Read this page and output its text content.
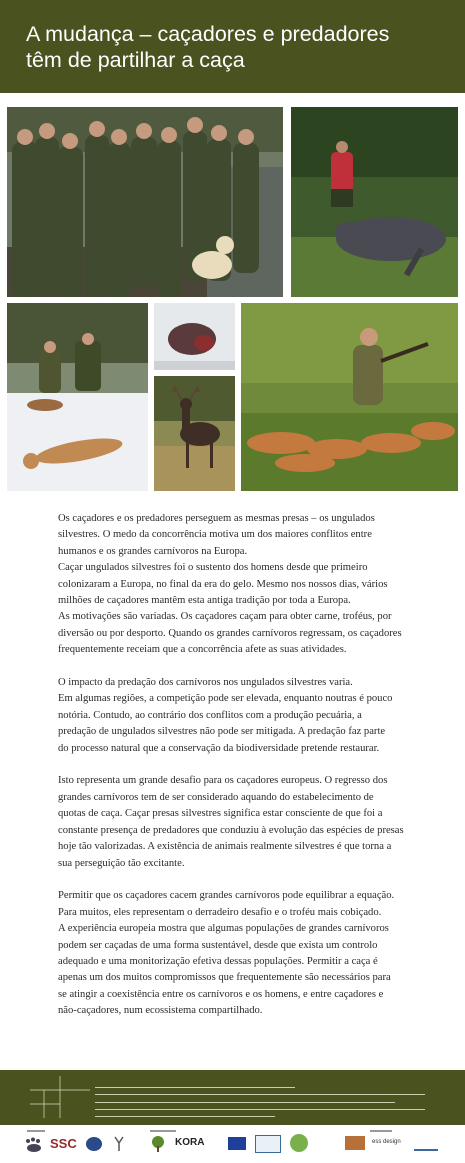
A mudança – caçadores e predadores
têm de partilhar a caça

Os caçadores e os predadores perseguem as mesmas presas – os ungulados
silvestres. O medo da concorrência motiva um dos maiores conflitos entre
humanos e os grandes carnívoros na Europa.
Caçar ungulados silvestres foi o sustento dos homens desde que primeiro
colonizaram a Europa, no final da era do gelo. Mesmo nos nossos dias, vários
milhões de caçadores mantêm esta antiga tradição por toda a Europa.
As motivações são variadas. Os caçadores caçam para obter carne, troféus, por
diversão ou por desporto. Quando os grandes carnívoros regressam, os caçadores
frequentemente receiam que a concorrência afete as suas atividades.

O impacto da predação dos carnívoros nos ungulados silvestres varia.
Em algumas regiões, a competição pode ser elevada, enquanto noutras é pouco
notória. Contudo, ao contrário dos conflitos com a produção pecuária, a
predação de ungulados silvestres não pode ser mitigada. A predação faz parte
do processo natural que a conservação da biodiversidade pretende restaurar.

Isto representa um grande desafio para os caçadores europeus. O regresso dos
grandes carnívoros tem de ser considerado aquando do estabelecimento de
quotas de caça. Caçar presas silvestres significa estar consciente de que foi a
constante presença de predadores que conduziu à evolução das espécies de presas
hoje tão valorizadas. A existência de animais realmente silvestres é que torna a
sua perseguição tão excitante.

Permitir que os caçadores cacem grandes carnívoros pode equilibrar a equação.
Para muitos, eles representam o derradeiro desafio e o troféu mais cobiçado.
A experiência europeia mostra que algumas populações de grandes carnívoros
podem ser caçadas de uma forma sustentável, desde que exista um controlo
adequado e uma monitorização efetiva dessas populações. Permitir a caça é
apenas um dos muitos compromissos que frequentemente são necessários para
se atingir a coexistência entre os carnívoros e os homens, e entre caçadores e
não-caçadores, num ecossistema compartilhado.

SSC	KORA	ess design
